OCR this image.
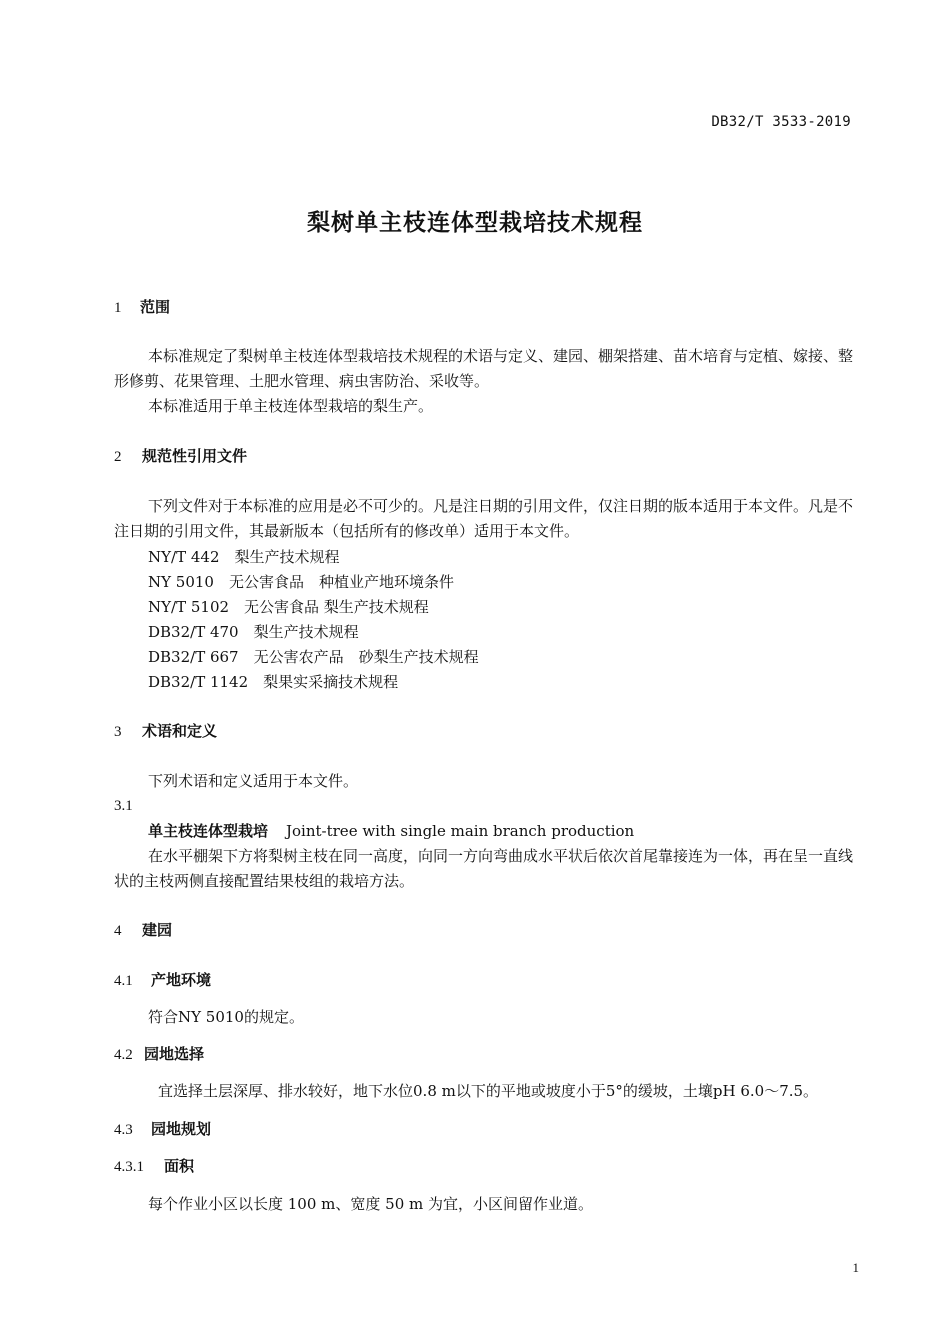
DB32/T 3533-2019
梨树单主枝连体型栽培技术规程
1 范围
本标准规定了梨树单主枝连体型栽培技术规程的术语与定义、建园、棚架搭建、苗木培育与定植、嫁接、整形修剪、花果管理、土肥水管理、病虫害防治、采收等。
本标准适用于单主枝连体型栽培的梨生产。
2 规范性引用文件
下列文件对于本标准的应用是必不可少的。凡是注日期的引用文件，仅注日期的版本适用于本文件。凡是不注日期的引用文件，其最新版本（包括所有的修改单）适用于本文件。
NY/T 442　梨生产技术规程
NY 5010　无公害食品　种植业产地环境条件
NY/T 5102　无公害食品 梨生产技术规程
DB32/T 470　梨生产技术规程
DB32/T 667　无公害农产品　砂梨生产技术规程
DB32/T 1142　梨果实采摘技术规程
3 术语和定义
下列术语和定义适用于本文件。
3.1
单主枝连体型栽培 Joint-tree with single main branch production
在水平棚架下方将梨树主枝在同一高度，向同一方向弯曲成水平状后依次首尾靠接连为一体，再在呈一直线状的主枝两侧直接配置结果枝组的栽培方法。
4 建园
4.1 产地环境
符合NY 5010的规定。
4.2 园地选择
宜选择土层深厚、排水较好，地下水位0.8 m以下的平地或坡度小于5°的缓坡，土壤pH 6.0～7.5。
4.3 园地规划
4.3.1 面积
每个作业小区以长度 100 m、宽度 50 m 为宜，小区间留作业道。
1
